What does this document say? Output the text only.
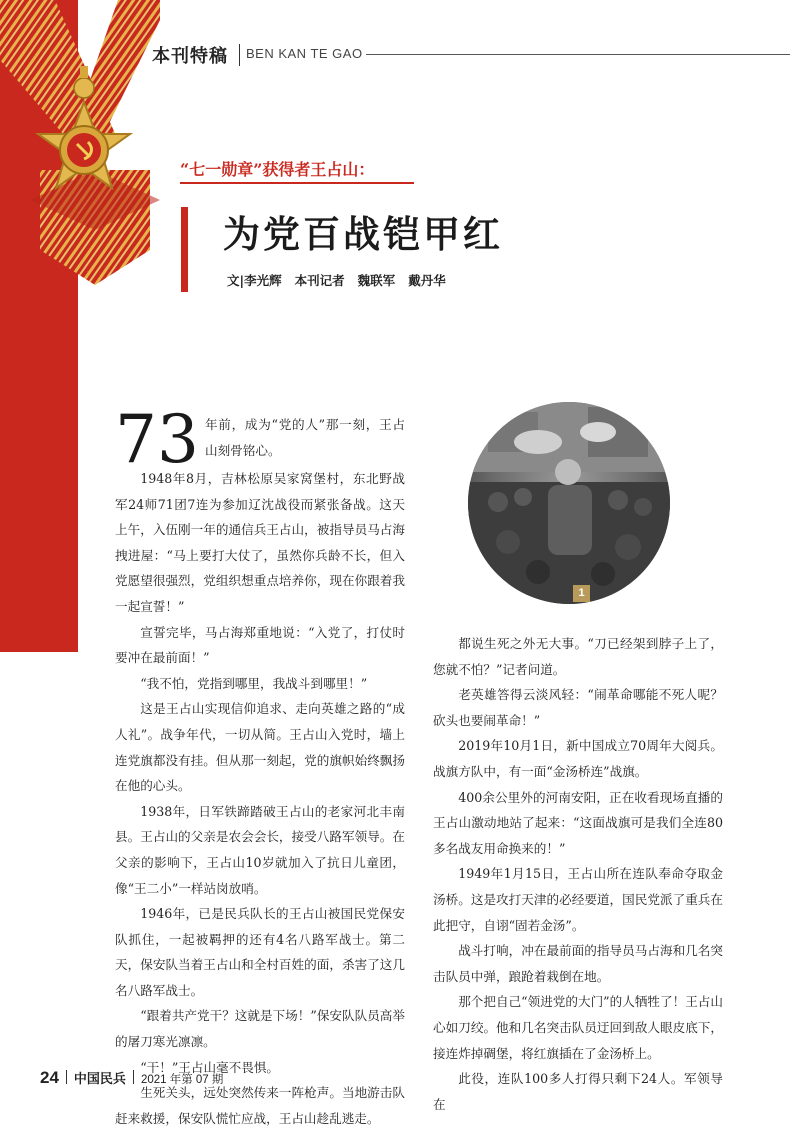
本刊特稿 BEN KAN TE GAO
“七一勋章”获得者王占山：
为党百战铠甲红
文|李光辉   本刊记者   魏联军   戴丹华

73 年前，成为“党的人”那一刻，王占山刻骨铭心。

1948年8月，吉林松原吴家窝堡村，东北野战军24师71团7连为参加辽沈战役而紧张备战。这天上午，入伍刚一年的通信兵王占山，被指导员马占海拽进屋：“马上要打大仗了，虽然你兵龄不长，但入党愿望很强烈，党组织想重点培养你，现在你跟着我一起宣誓！”

宣誓完毕，马占海郑重地说：“入党了，打仗时要冲在最前面！”

“我不怕，党指到哪里，我战斗到哪里！”

这是王占山实现信仰追求、走向英雄之路的“成人礼”。战争年代，一切从简。王占山入党时，墙上连党旗都没有挂。但从那一刻起，党的旗帜始终飘扬在他的心头。

1938年，日军铁蹄踏破王占山的老家河北丰南县。王占山的父亲是农会会长，接受八路军领导。在父亲的影响下，王占山10岁就加入了抗日儿童团，像“王二小”一样站岗放哨。

1946年，已是民兵队长的王占山被国民党保安队抓住，一起被羁押的还有4名八路军战士。第二天，保安队当着王占山和全村百姓的面，杀害了这几名八路军战士。

“跟着共产党干？这就是下场！”保安队队员高举的屠刀寒光凛凛。

“干！”王占山毫不畏惧。

生死关头，远处突然传来一阵枪声。当地游击队赶来救援，保安队慌忙应战，王占山趁乱逃走。

1

都说生死之外无大事。“刀已经架到脖子上了，您就不怕？”记者问道。

老英雄答得云淡风轻：“闹革命哪能不死人呢？砍头也要闹革命！”

2019年10月1日，新中国成立70周年大阅兵。战旗方队中，有一面“金汤桥连”战旗。

400余公里外的河南安阳，正在收看现场直播的王占山激动地站了起来：“这面战旗可是我们全连80多名战友用命换来的！”

1949年1月15日，王占山所在连队奉命夺取金汤桥。这是攻打天津的必经要道，国民党派了重兵在此把守，自诩“固若金汤”。

战斗打响，冲在最前面的指导员马占海和几名突击队员中弹，踉跄着栽倒在地。

那个把自己“领进党的大门”的人牺牲了！王占山心如刀绞。他和几名突击队员迂回到敌人眼皮底下，接连炸掉碉堡，将红旗插在了金汤桥上。

此役，连队100多人打得只剩下24人。军领导在

24 中国民兵 2021 年第 07 期
